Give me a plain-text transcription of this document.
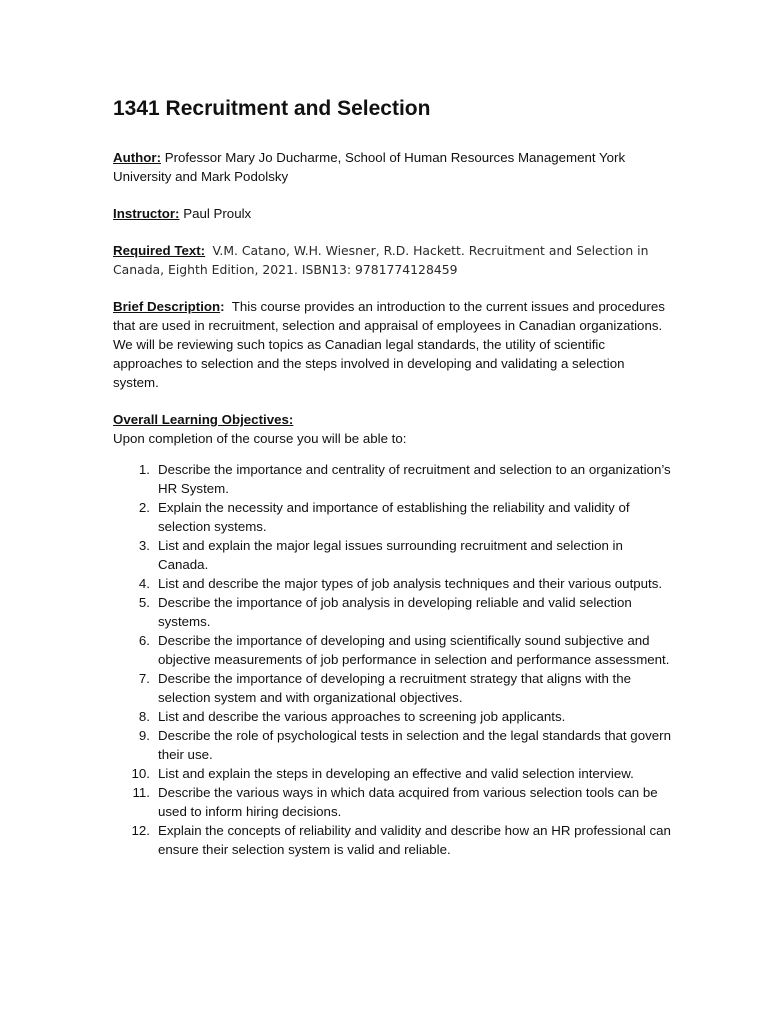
1341 Recruitment and Selection

Author: Professor Mary Jo Ducharme, School of Human Resources Management York University and Mark Podolsky

Instructor: Paul Proulx

Required Text: V.M. Catano, W.H. Wiesner, R.D. Hackett. Recruitment and Selection in Canada, Eighth Edition, 2021. ISBN13: 9781774128459

Brief Description: This course provides an introduction to the current issues and procedures that are used in recruitment, selection and appraisal of employees in Canadian organizations. We will be reviewing such topics as Canadian legal standards, the utility of scientific approaches to selection and the steps involved in developing and validating a selection system.

Overall Learning Objectives:

Upon completion of the course you will be able to:

1. Describe the importance and centrality of recruitment and selection to an organization’s HR System.
2. Explain the necessity and importance of establishing the reliability and validity of selection systems.
3. List and explain the major legal issues surrounding recruitment and selection in Canada.
4. List and describe the major types of job analysis techniques and their various outputs.
5. Describe the importance of job analysis in developing reliable and valid selection systems.
6. Describe the importance of developing and using scientifically sound subjective and objective measurements of job performance in selection and performance assessment.
7. Describe the importance of developing a recruitment strategy that aligns with the selection system and with organizational objectives.
8. List and describe the various approaches to screening job applicants.
9. Describe the role of psychological tests in selection and the legal standards that govern their use.
10. List and explain the steps in developing an effective and valid selection interview.
11. Describe the various ways in which data acquired from various selection tools can be used to inform hiring decisions.
12. Explain the concepts of reliability and validity and describe how an HR professional can ensure their selection system is valid and reliable.
